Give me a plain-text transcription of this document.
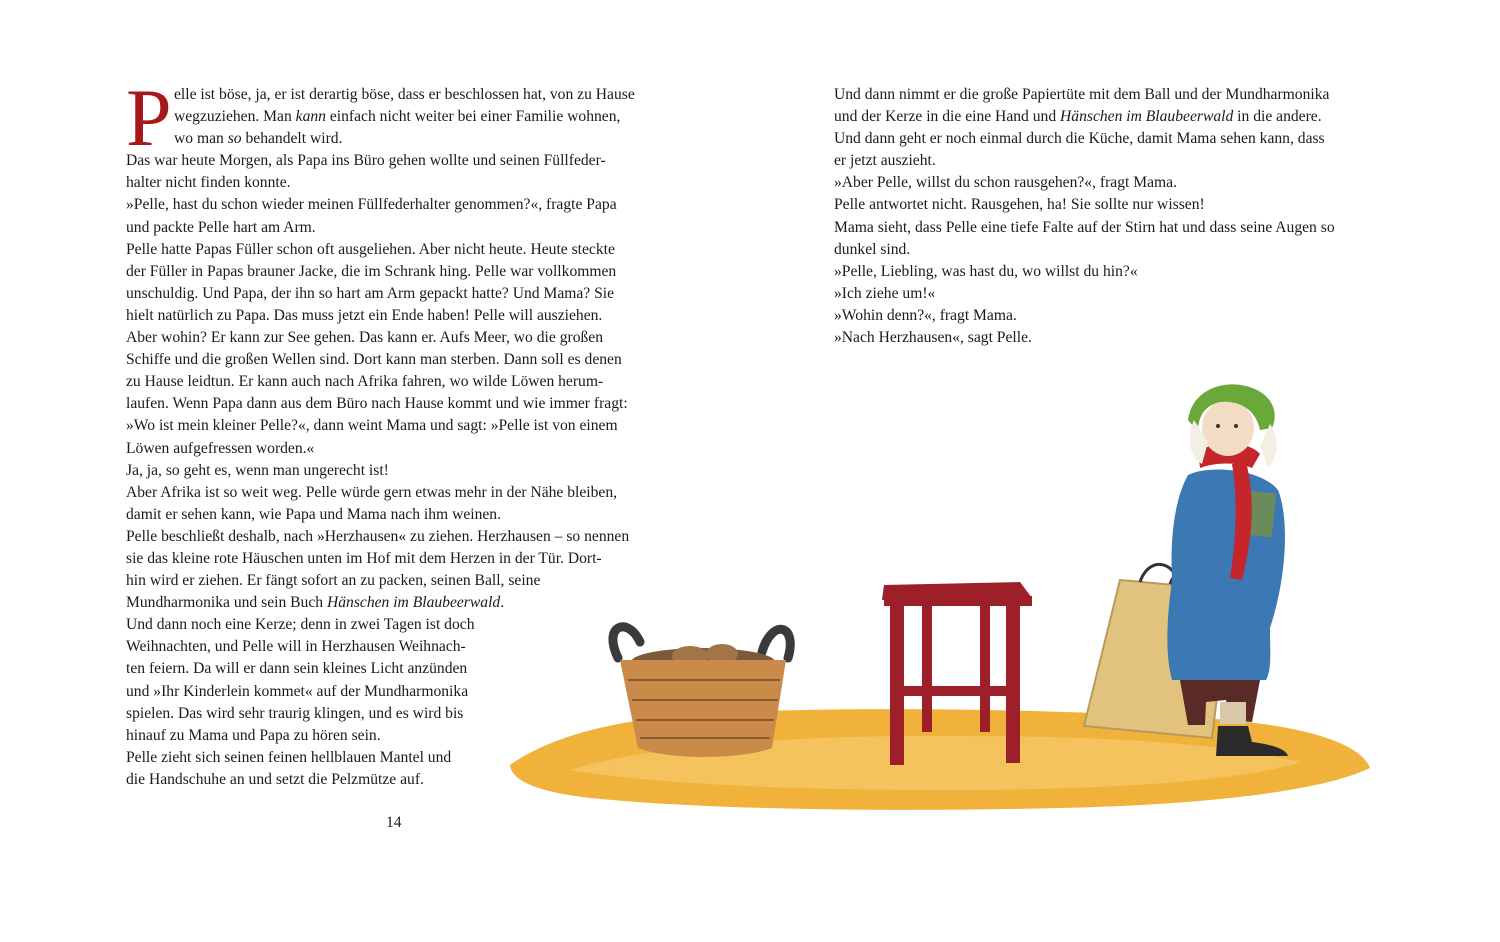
P elle ist böse, ja, er ist derartig böse, dass er beschlossen hat, von zu Hause
wegzuziehen. Man kann einfach nicht weiter bei einer Familie wohnen,
wo man so behandelt wird.
Das war heute Morgen, als Papa ins Büro gehen wollte und seinen Füllfeder-
halter nicht finden konnte.
»Pelle, hast du schon wieder meinen Füllfederhalter genommen?«, fragte Papa
und packte Pelle hart am Arm.
Pelle hatte Papas Füller schon oft ausgeliehen. Aber nicht heute. Heute steckte
der Füller in Papas brauner Jacke, die im Schrank hing. Pelle war vollkommen
unschuldig. Und Papa, der ihn so hart am Arm gepackt hatte? Und Mama? Sie
hielt natürlich zu Papa. Das muss jetzt ein Ende haben! Pelle will ausziehen.
Aber wohin? Er kann zur See gehen. Das kann er. Aufs Meer, wo die großen
Schiffe und die großen Wellen sind. Dort kann man sterben. Dann soll es denen
zu Hause leidtun. Er kann auch nach Afrika fahren, wo wilde Löwen herum-
laufen. Wenn Papa dann aus dem Büro nach Hause kommt und wie immer fragt:
»Wo ist mein kleiner Pelle?«, dann weint Mama und sagt: »Pelle ist von einem
Löwen aufgefressen worden.«
Ja, ja, so geht es, wenn man ungerecht ist!
Aber Afrika ist so weit weg. Pelle würde gern etwas mehr in der Nähe bleiben,
damit er sehen kann, wie Papa und Mama nach ihm weinen.
Pelle beschließt deshalb, nach »Herzhausen« zu ziehen. Herzhausen – so nennen
sie das kleine rote Häuschen unten im Hof mit dem Herzen in der Tür. Dort-
hin wird er ziehen. Er fängt sofort an zu packen, seinen Ball, seine
Mundharmonika und sein Buch Hänschen im Blaubeerwald.
Und dann noch eine Kerze; denn in zwei Tagen ist doch
Weihnachten, und Pelle will in Herzhausen Weihnach-
ten feiern. Da will er dann sein kleines Licht anzünden
und »Ihr Kinderlein kommet« auf der Mundharmonika
spielen. Das wird sehr traurig klingen, und es wird bis
hinauf zu Mama und Papa zu hören sein.
Pelle zieht sich seinen feinen hellblauen Mantel und
die Handschuhe an und setzt die Pelzmütze auf.
Und dann nimmt er die große Papiertüte mit dem Ball und der Mundharmonika
und der Kerze in die eine Hand und Hänschen im Blaubeerwald in die andere.
Und dann geht er noch einmal durch die Küche, damit Mama sehen kann, dass
er jetzt auszieht.
»Aber Pelle, willst du schon rausgehen?«, fragt Mama.
Pelle antwortet nicht. Rausgehen, ha! Sie sollte nur wissen!
Mama sieht, dass Pelle eine tiefe Falte auf der Stirn hat und dass seine Augen so
dunkel sind.
»Pelle, Liebling, was hast du, wo willst du hin?«
»Ich ziehe um!«
»Wohin denn?«, fragt Mama.
»Nach Herzhausen«, sagt Pelle.
14
